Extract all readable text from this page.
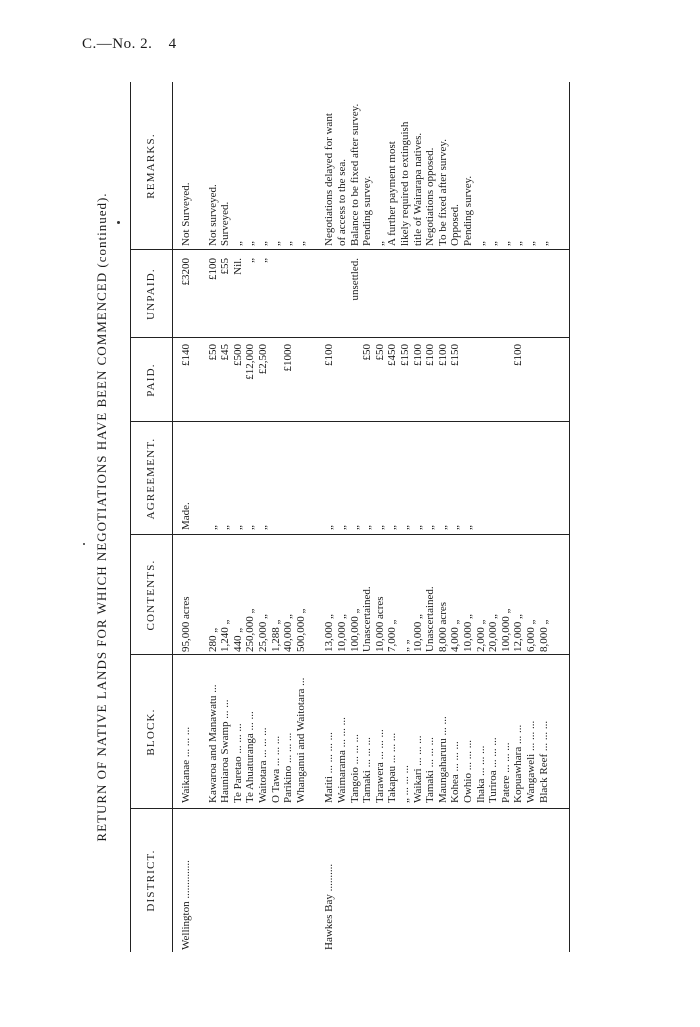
C.—No. 2. 4
RETURN OF NATIVE LANDS FOR WHICH NEGOTIATIONS HAVE BEEN COMMENCED (continued).
DISTRICT.
BLOCK.
CONTENTS.
AGREEMENT.
PAID.
UNPAID.
REMARKS.
Wellington ..............
Waikanae ... ... ...
95,000 acres
Made.
£140
£3200
Not Surveyed.
Kawaroa and Manawatu ...
280 „
„
£50
£100
Not surveyed.
Hauniaroa Swamp ... ...
1,240 „
„
£45
£55
Surveyed.
Te Paretao ... ... ...
440 „
„
£500
Nil.
„
Te Ahuaturanga ... ...
250,000 „
„
£12,000
„
„
Waitotara ... ... ...
25,000 „
„
£2,500
„
„
O Tawa ... ... ...
1,288 „
„
Parikino ... ... ...
40,000 „
£1000
„
Whanganui and Waitotara ...
500,000 „
„
Hawkes Bay ..........
Matiti ... ... ... ...
13,000 „
„
£100
Negotiations delayed for want
Waimarama ... ... ...
10,000 „
„
of access to the sea.
Tangoio ... ... ...
100,000 „
„
unsettled.
Balance to be fixed after survey.
Tamaki ... ... ...
Unascertained.
„
£50
Pending survey.
Tarawera ... ... ...
10,000 acres
„
£50
„
Takapau ... ... ...
7,000 „
„
£450
A further payment most
„ ... ... ...
„ „
„
£150
likely required to extinguish
Waikari ... ... ...
10,000 „
„
£100
title of Wairarapa natives.
Tamaki ... ... ...
Unascertained.
„
£100
Negotiations opposed.
Maungaharuru ... ...
8,000 acres
„
£100
To be fixed after survey.
Kohea ... ... ...
4,000 „
„
£150
Opposed.
Owhio ... ... ...
10,000 „
„
Pending survey.
Ihaka ... ... ...
2,000 „
„
Turiroa ... ... ...
20,000 „
„
Patere ... ... ...
100,000 „
„
Kopuawhara ... ...
12,000 „
£100
„
Wangaweli ... ... ...
6,000 „
„
Black Reef ... ... ...
8,000 „
„
